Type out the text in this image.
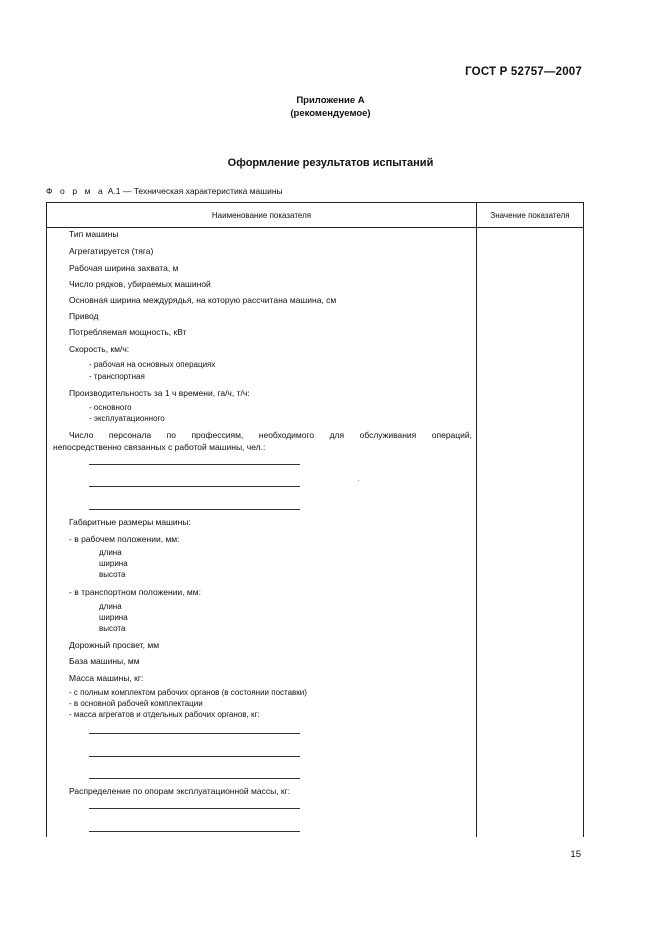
ГОСТ Р 52757—2007
Приложение А
(рекомендуемое)
Оформление результатов испытаний
Ф о р м а А.1 — Техническая характеристика машины
Наименование показателя	Значение показателя
Тип машины
Агрегатируется (тяга)
Рабочая ширина захвата, м
Число рядков, убираемых машиной
Основная ширина междурядья, на которую рассчитана машина, см
Привод
Потребляемая мощность, кВт
Скорость, км/ч:
- рабочая на основных операциях
- транспортная
Производительность за 1 ч времени, га/ч, т/ч:
- основного
- эксплуатационного
Число персонала по профессиям, необходимого для обслуживания операций,
непосредственно связанных с работой машины, чел.:
Габаритные размеры машины:
- в рабочем положении, мм:
длина
ширина
высота
- в транспортном положении, мм:
длина
ширина
высота
Дорожный просвет, мм
База машины, мм
Масса машины, кг:
- с полным комплектом рабочих органов (в состоянии поставки)
- в основной рабочей комплектации
- масса агрегатов и отдельных рабочих органов, кг:
Распределение по опорам эксплуатационной массы, кг:
15
